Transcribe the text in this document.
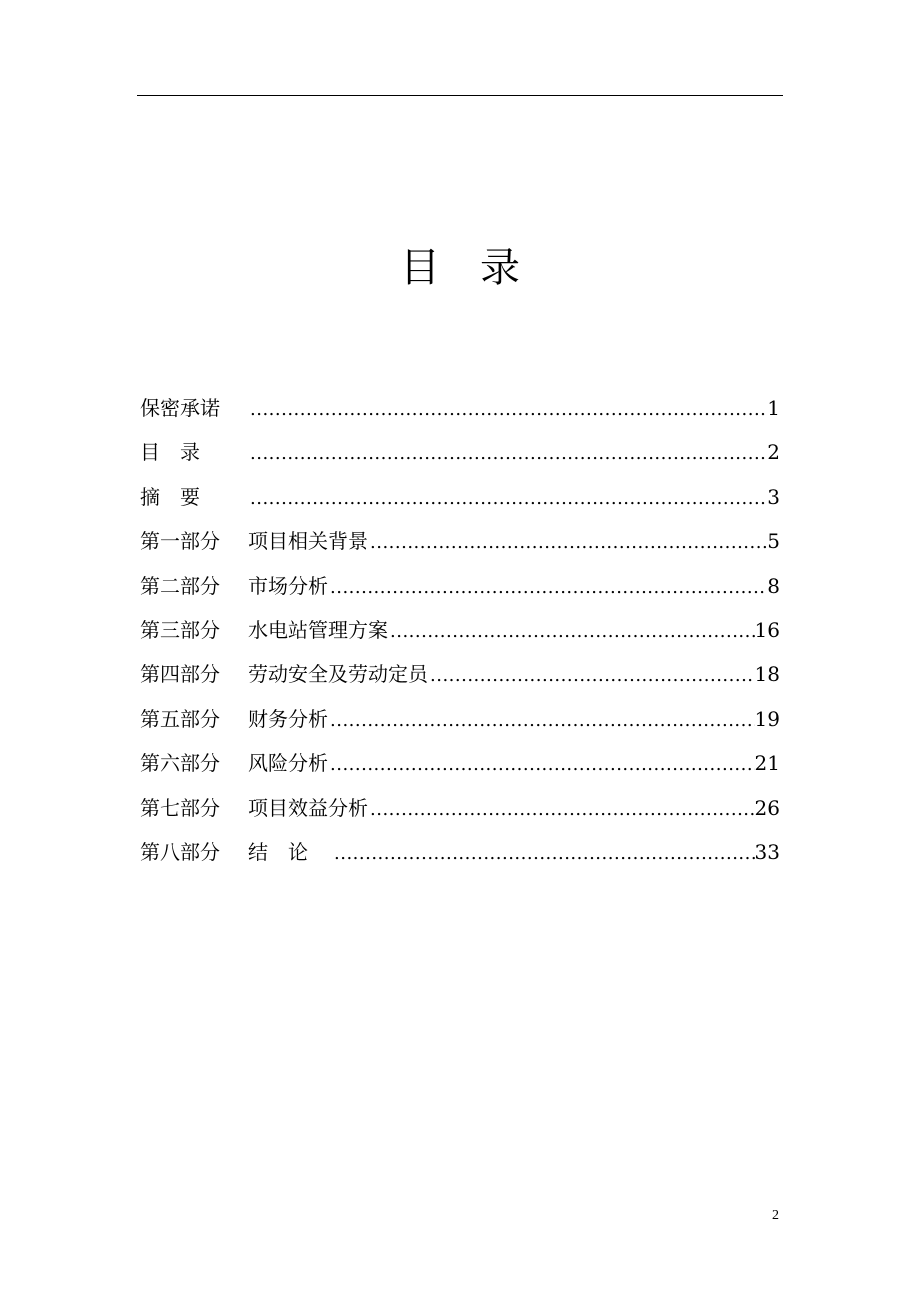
目　录
保密承诺 .....	1
目　录 .....	2
摘　要 .....	3
第一部分	项目相关背景 .....	5
第二部分	市场分析 .....	8
第三部分	水电站管理方案 .....	16
第四部分	劳动安全及劳动定员 .....	18
第五部分	财务分析 .....	19
第六部分	风险分析 .....	21
第七部分	项目效益分析 .....	26
第八部分	结　论 .....	33
2
